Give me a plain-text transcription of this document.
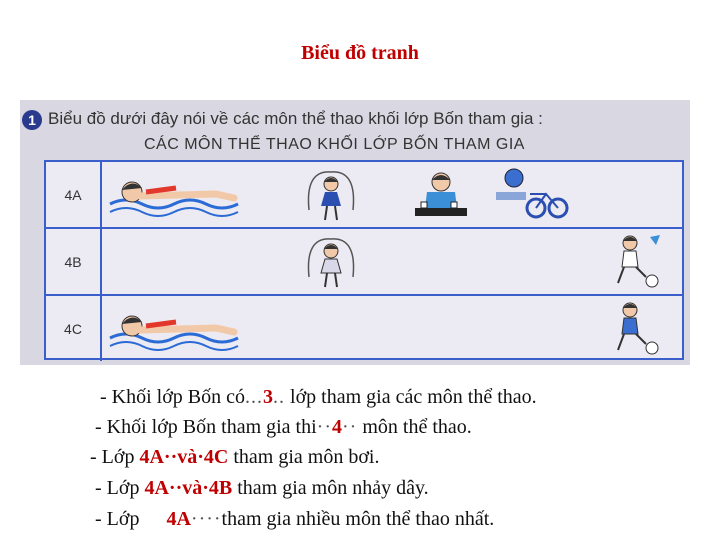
Biểu đồ tranh
1 Biểu đồ dưới đây nói về các môn thể thao khối lớp Bốn tham gia :
CÁC MÔN THỂ THAO KHỐI LỚP BỐN THAM GIA
4A
4B
4C
- Khối lớp Bốn có...3.. lớp tham gia các môn thể thao.
- Khối lớp Bốn tham gia thi··4·· môn thể thao.
- Lớp 4A··và·4C tham gia môn bơi.
- Lớp 4A··và·4B tham gia môn nhảy dây.
- Lớp 4A····tham gia nhiều môn thể thao nhất.
